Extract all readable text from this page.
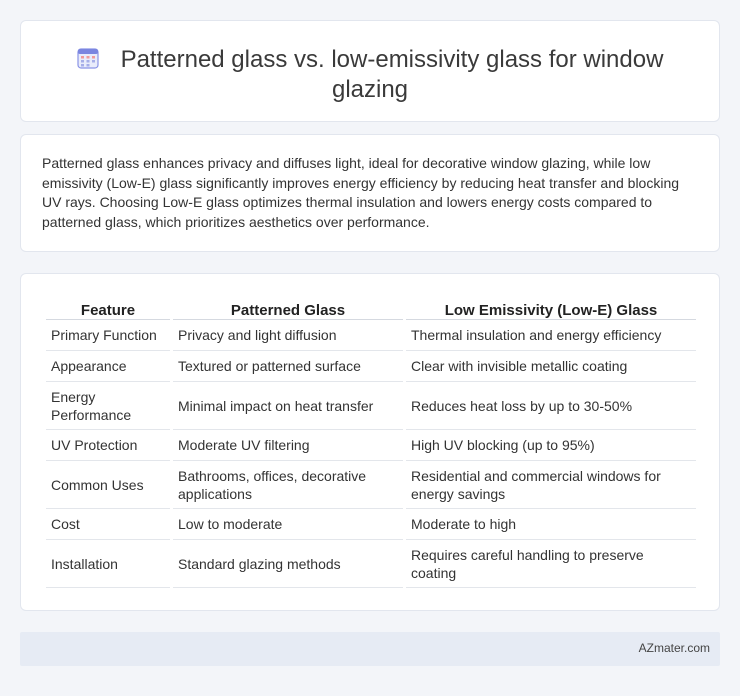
Patterned glass vs. low-emissivity glass for window glazing

Patterned glass enhances privacy and diffuses light, ideal for decorative window glazing, while low emissivity (Low-E) glass significantly improves energy efficiency by reducing heat transfer and blocking UV rays. Choosing Low-E glass optimizes thermal insulation and lowers energy costs compared to patterned glass, which prioritizes aesthetics over performance.

Feature	Patterned Glass	Low Emissivity (Low-E) Glass
Primary Function	Privacy and light diffusion	Thermal insulation and energy efficiency
Appearance	Textured or patterned surface	Clear with invisible metallic coating
Energy Performance	Minimal impact on heat transfer	Reduces heat loss by up to 30-50%
UV Protection	Moderate UV filtering	High UV blocking (up to 95%)
Common Uses	Bathrooms, offices, decorative applications	Residential and commercial windows for energy savings
Cost	Low to moderate	Moderate to high
Installation	Standard glazing methods	Requires careful handling to preserve coating
AZmater.com
